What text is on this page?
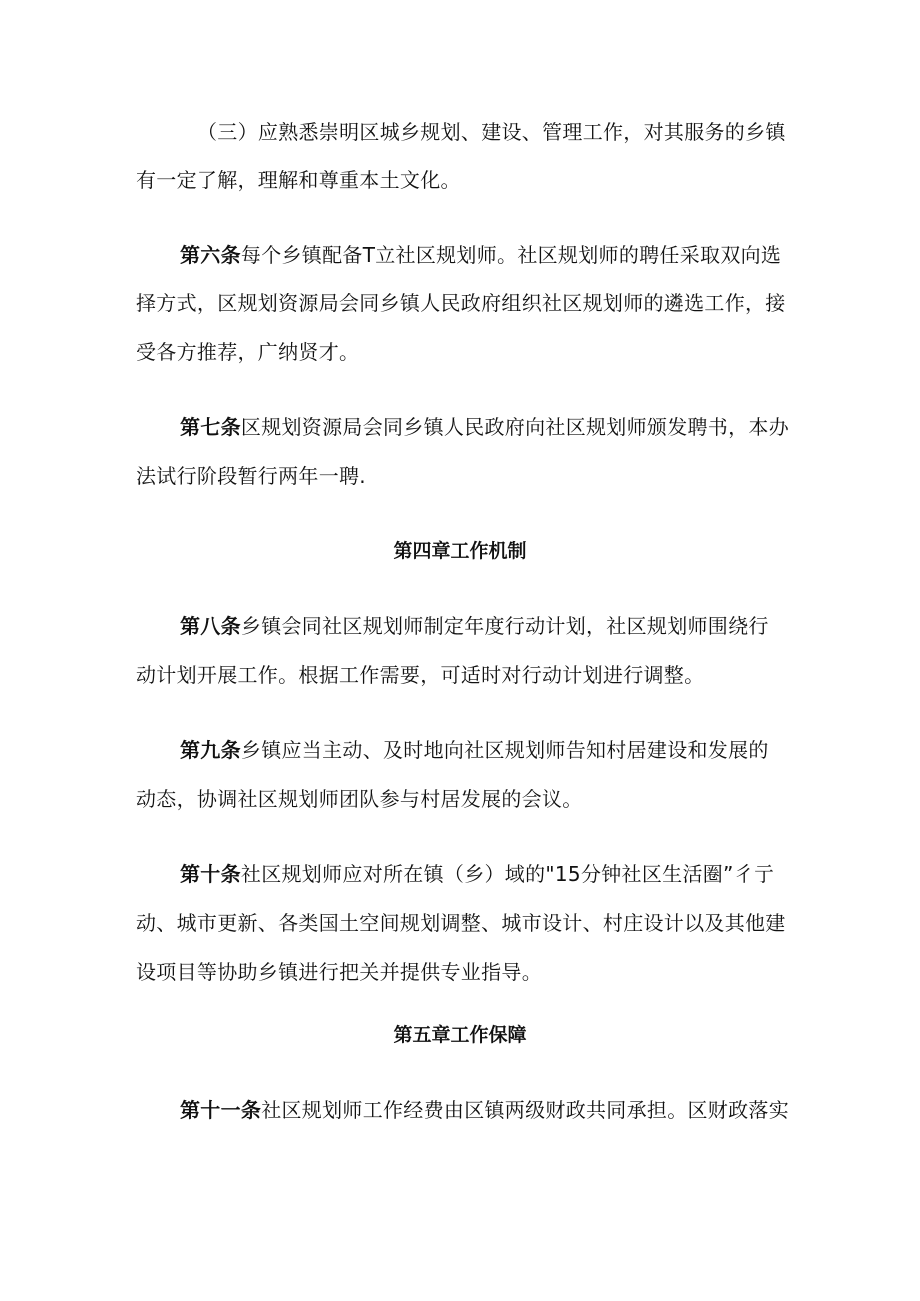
（三）应熟悉崇明区城乡规划、建设、管理工作，对其服务的乡镇
有一定了解，理解和尊重本土文化。
第六条每个乡镇配备T立社区规划师。社区规划师的聘任采取双向选
择方式，区规划资源局会同乡镇人民政府组织社区规划师的遴选工作，接
受各方推荐，广纳贤才。
第七条区规划资源局会同乡镇人民政府向社区规划师颁发聘书，本办
法试行阶段暂行两年一聘.
第四章工作机制
第八条乡镇会同社区规划师制定年度行动计划，社区规划师围绕行
动计划开展工作。根据工作需要，可适时对行动计划进行调整。
第九条乡镇应当主动、及时地向社区规划师告知村居建设和发展的
动态，协调社区规划师团队参与村居发展的会议。
第十条社区规划师应对所在镇（乡）域的"15分钟社区生活圈”彳亍
动、城市更新、各类国土空间规划调整、城市设计、村庄设计以及其他建
设项目等协助乡镇进行把关并提供专业指导。
第五章工作保障
第十一条社区规划师工作经费由区镇两级财政共同承担。区财政落实
